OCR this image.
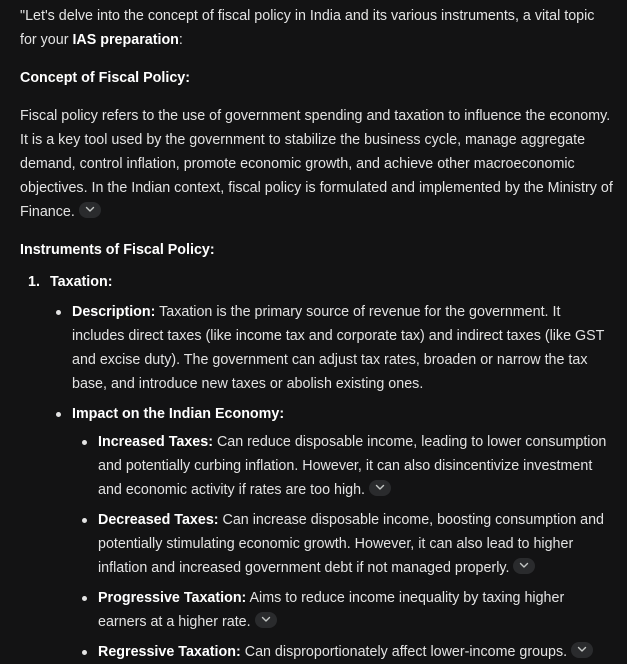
"Let's delve into the concept of fiscal policy in India and its various instruments, a vital topic for your IAS preparation:

Concept of Fiscal Policy:

Fiscal policy refers to the use of government spending and taxation to influence the economy. It is a key tool used by the government to stabilize the business cycle, manage aggregate demand, control inflation, promote economic growth, and achieve other macroeconomic objectives. In the Indian context, fiscal policy is formulated and implemented by the Ministry of Finance.

Instruments of Fiscal Policy:

1. Taxation:
Description: Taxation is the primary source of revenue for the government. It includes direct taxes (like income tax and corporate tax) and indirect taxes (like GST and excise duty). The government can adjust tax rates, broaden or narrow the tax base, and introduce new taxes or abolish existing ones.
Impact on the Indian Economy:
Increased Taxes: Can reduce disposable income, leading to lower consumption and potentially curbing inflation. However, it can also disincentivize investment and economic activity if rates are too high.
Decreased Taxes: Can increase disposable income, boosting consumption and potentially stimulating economic growth. However, it can also lead to higher inflation and increased government debt if not managed properly.
Progressive Taxation: Aims to reduce income inequality by taxing higher earners at a higher rate.
Regressive Taxation: Can disproportionately affect lower-income groups.
